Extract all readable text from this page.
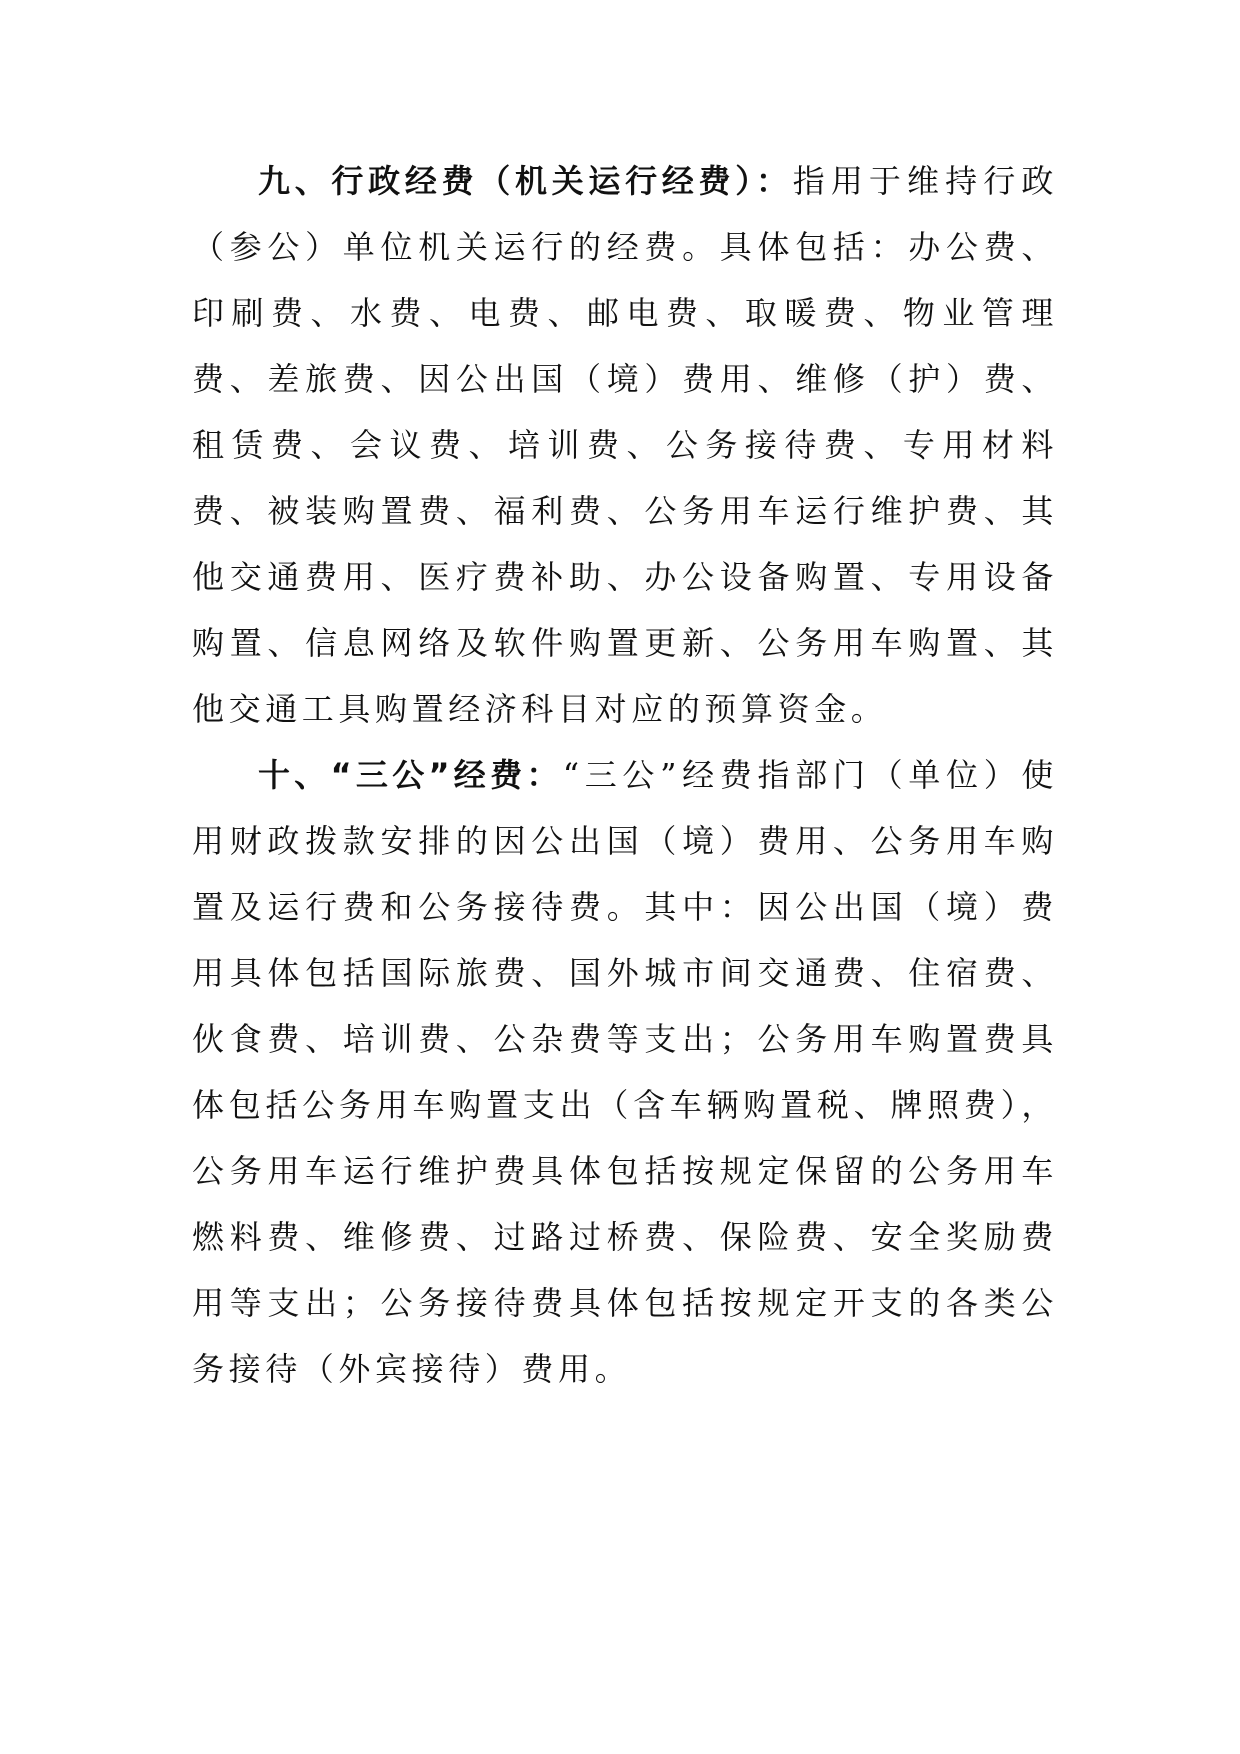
九、行政经费（机关运行经费）：指用于维持行政（参公）单位机关运行的经费。具体包括：办公费、印刷费、水费、电费、邮电费、取暖费、物业管理费、差旅费、因公出国（境）费用、维修（护）费、租赁费、会议费、培训费、公务接待费、专用材料费、被装购置费、福利费、公务用车运行维护费、其他交通费用、医疗费补助、办公设备购置、专用设备购置、信息网络及软件购置更新、公务用车购置、其他交通工具购置经济科目对应的预算资金。

十、“三公”经费：“三公”经费指部门（单位）使用财政拨款安排的因公出国（境）费用、公务用车购置及运行费和公务接待费。其中：因公出国（境）费用具体包括国际旅费、国外城市间交通费、住宿费、伙食费、培训费、公杂费等支出；公务用车购置费具体包括公务用车购置支出（含车辆购置税、牌照费），公务用车运行维护费具体包括按规定保留的公务用车燃料费、维修费、过路过桥费、保险费、安全奖励费用等支出；公务接待费具体包括按规定开支的各类公务接待（外宾接待）费用。
